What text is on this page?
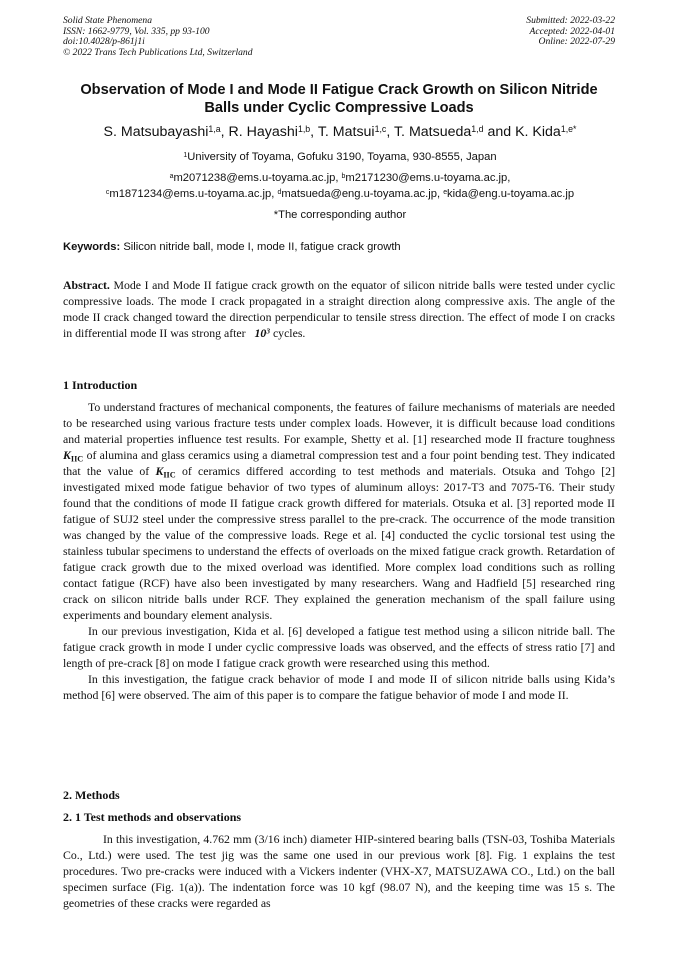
Solid State Phenomena
ISSN: 1662-9779, Vol. 335, pp 93-100
doi:10.4028/p-861j1i
© 2022 Trans Tech Publications Ltd, Switzerland
Submitted: 2022-03-22
Accepted: 2022-04-01
Online: 2022-07-29
Observation of Mode I and Mode II Fatigue Crack Growth on Silicon Nitride Balls under Cyclic Compressive Loads
S. Matsubayashi$^{1,a}$, R. Hayashi$^{1,b}$, T. Matsui$^{1,c}$, T. Matsueda$^{1,d}$ and K. Kida$^{1,e*}$
$^1$University of Toyama, Gofuku 3190, Toyama, 930-8555, Japan
$^a$m2071238@ems.u-toyama.ac.jp, $^b$m2171230@ems.u-toyama.ac.jp,
$^c$m1871234@ems.u-toyama.ac.jp, $^d$matsueda@eng.u-toyama.ac.jp, $^e$kida@eng.u-toyama.ac.jp
*The corresponding author
Keywords: Silicon nitride ball, mode I, mode II, fatigue crack growth

Abstract. Mode I and Mode II fatigue crack growth on the equator of silicon nitride balls were tested under cyclic compressive loads. The mode I crack propagated in a straight direction along compressive axis. The angle of the mode II crack changed toward the direction perpendicular to tensile stress direction. The effect of mode I on cracks in differential mode II was strong after $10^3$ cycles.

1 Introduction

To understand fractures of mechanical components, the features of failure mechanisms of materials are needed to be researched using various fracture tests under complex loads. However, it is difficult because load conditions and material properties influence test results. For example, Shetty et al. [1] researched mode II fracture toughness $K_{IIC}$ of alumina and glass ceramics using a diametral compression test and a four point bending test. They indicated that the value of $K_{IIC}$ of ceramics differed according to test methods and materials. Otsuka and Tohgo [2] investigated mixed mode fatigue behavior of two types of aluminum alloys: 2017-T3 and 7075-T6. Their study found that the conditions of mode II fatigue crack growth differed for materials. Otsuka et al. [3] reported mode II fatigue of SUJ2 steel under the compressive stress parallel to the pre-crack. The occurrence of the mode transition was changed by the value of the compressive loads. Rege et al. [4] conducted the cyclic torsional test using the stainless tubular specimens to understand the effects of overloads on the mixed fatigue crack growth. Retardation of fatigue crack growth due to the mixed overload was identified. More complex load conditions such as rolling contact fatigue (RCF) have also been investigated by many researchers. Wang and Hadfield [5] researched ring crack on silicon nitride balls under RCF. They explained the generation mechanism of the spall failure using experiments and boundary element analysis.

In our previous investigation, Kida et al. [6] developed a fatigue test method using a silicon nitride ball. The fatigue crack growth in mode I under cyclic compressive loads was observed, and the effects of stress ratio [7] and length of pre-crack [8] on mode I fatigue crack growth were researched using this method.

In this investigation, the fatigue crack behavior of mode I and mode II of silicon nitride balls using Kida’s method [6] were observed. The aim of this paper is to compare the fatigue behavior of mode I and mode II.

2. Methods
2. 1 Test methods and observations

In this investigation, 4.762 mm (3/16 inch) diameter HIP-sintered bearing balls (TSN-03, Toshiba Materials Co., Ltd.) were used. The test jig was the same one used in our previous work [8]. Fig. 1 explains the test procedures. Two pre-cracks were induced with a Vickers indenter (VHX-X7, MATSUZAWA CO., Ltd.) on the ball specimen surface (Fig. 1(a)). The indentation force was 10 kgf (98.07 N), and the keeping time was 15 s. The geometries of these cracks were regarded as
